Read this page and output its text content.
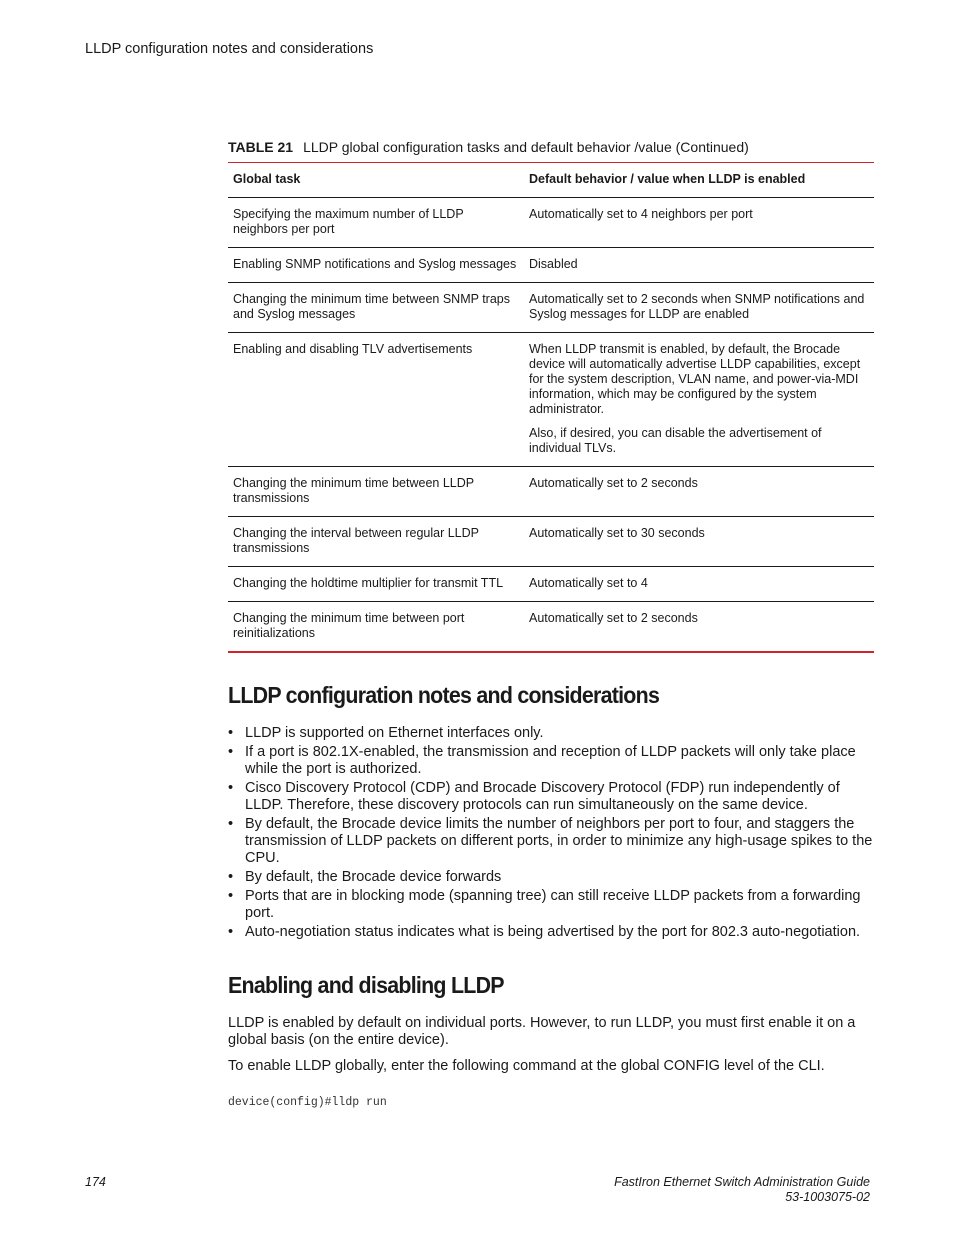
LLDP configuration notes and considerations
TABLE 21 LLDP global configuration tasks and default behavior /value (Continued)
Global task	Default behavior / value when LLDP is enabled
Specifying the maximum number of LLDP neighbors per port	Automatically set to 4 neighbors per port

Enabling SNMP notifications and Syslog messages	Disabled

Changing the minimum time between SNMP traps and Syslog messages	Automatically set to 2 seconds when SNMP notifications and Syslog messages for LLDP are enabled

Enabling and disabling TLV advertisements	When LLDP transmit is enabled, by default, the Brocade device will automatically advertise LLDP capabilities, except for the system description, VLAN name, and power-via-MDI information, which may be configured by the system administrator.

Also, if desired, you can disable the advertisement of individual TLVs.

Changing the minimum time between LLDP transmissions	Automatically set to 2 seconds

Changing the interval between regular LLDP transmissions	Automatically set to 30 seconds

Changing the holdtime multiplier for transmit TTL	Automatically set to 4

Changing the minimum time between port reinitializations	Automatically set to 2 seconds

LLDP configuration notes and considerations
• LLDP is supported on Ethernet interfaces only.
• If a port is 802.1X-enabled, the transmission and reception of LLDP packets will only take place while the port is authorized.
• Cisco Discovery Protocol (CDP) and Brocade Discovery Protocol (FDP) run independently of LLDP. Therefore, these discovery protocols can run simultaneously on the same device.
• By default, the Brocade device limits the number of neighbors per port to four, and staggers the transmission of LLDP packets on different ports, in order to minimize any high-usage spikes to the CPU.
• By default, the Brocade device forwards
• Ports that are in blocking mode (spanning tree) can still receive LLDP packets from a forwarding port.
• Auto-negotiation status indicates what is being advertised by the port for 802.3 auto-negotiation.
Enabling and disabling LLDP

LLDP is enabled by default on individual ports. However, to run LLDP, you must first enable it on a global basis (on the entire device).

To enable LLDP globally, enter the following command at the global CONFIG level of the CLI.

device(config)#lldp run
174	FastIron Ethernet Switch Administration Guide
53-1003075-02
